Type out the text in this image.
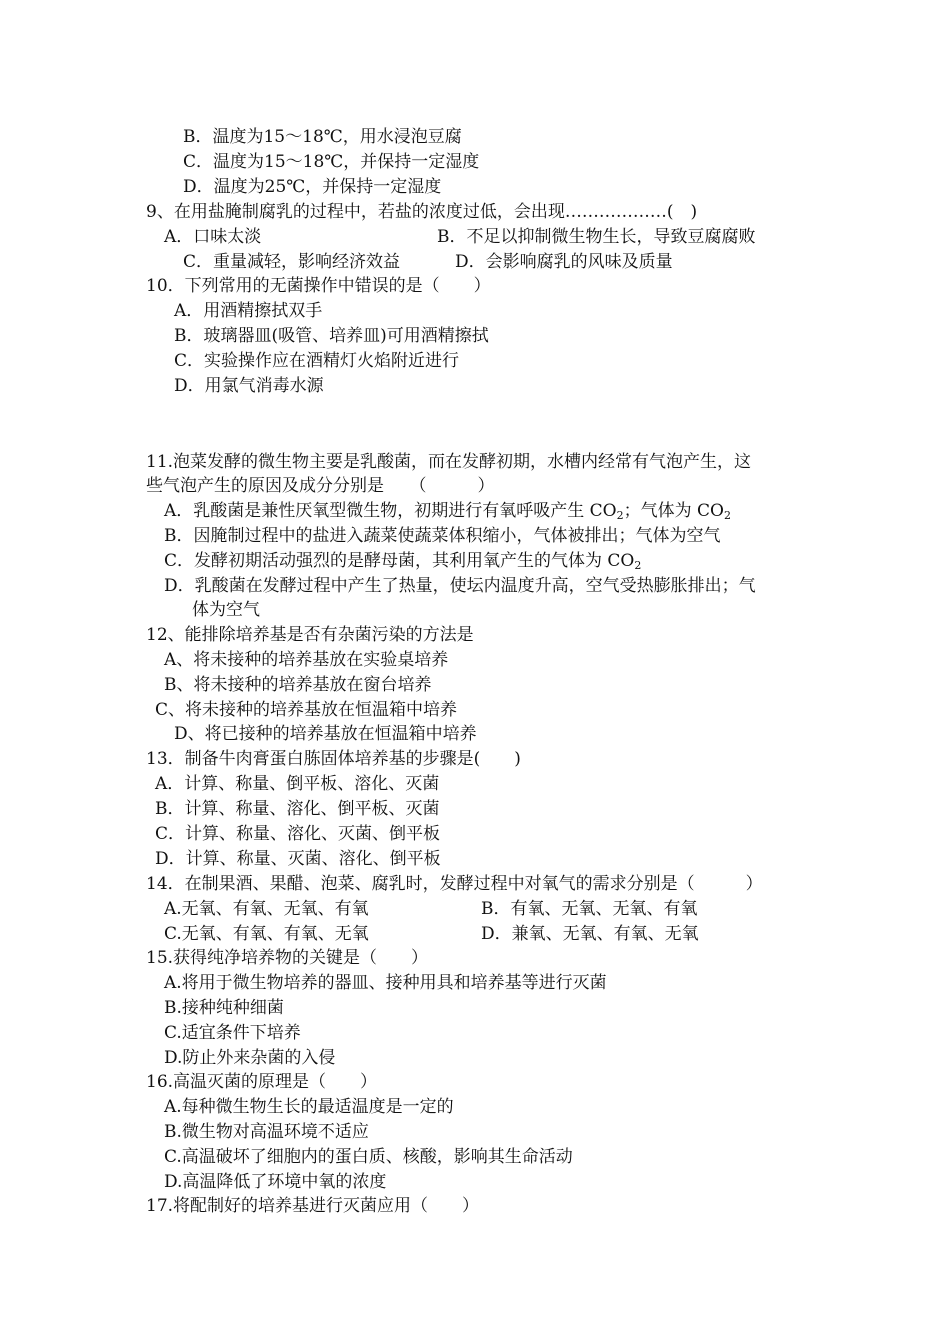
B．温度为15～18℃，用水浸泡豆腐
C．温度为15～18℃，并保持一定湿度
D．温度为25℃，并保持一定湿度
9、在用盐腌制腐乳的过程中，若盐的浓度过低，会出现………………(　)
A．口味太淡	B．不足以抑制微生物生长，导致豆腐腐败
C．重量减轻，影响经济效益	D．会影响腐乳的风味及质量
10．下列常用的无菌操作中错误的是（　　）
A．用酒精擦拭双手
B．玻璃器皿(吸管、培养皿)可用酒精擦拭
C．实验操作应在酒精灯火焰附近进行
D．用氯气消毒水源
11.泡菜发酵的微生物主要是乳酸菌，而在发酵初期，水槽内经常有气泡产生，这
些气泡产生的原因及成分分别是　　（　　　）
A．乳酸菌是兼性厌氧型微生物，初期进行有氧呼吸产生 $CO_2$；气体为 $CO_2$
B．因腌制过程中的盐进入蔬菜使蔬菜体积缩小，气体被排出；气体为空气
C．发酵初期活动强烈的是酵母菌，其利用氧产生的气体为 $CO_2$
D．乳酸菌在发酵过程中产生了热量，使坛内温度升高，空气受热膨胀排出；气
体为空气
12、能排除培养基是否有杂菌污染的方法是
A、将未接种的培养基放在实验桌培养
B、将未接种的培养基放在窗台培养
C、将未接种的培养基放在恒温箱中培养
D、将已接种的培养基放在恒温箱中培养
13．制备牛肉膏蛋白胨固体培养基的步骤是(　　)
A．计算、称量、倒平板、溶化、灭菌
B．计算、称量、溶化、倒平板、灭菌
C．计算、称量、溶化、灭菌、倒平板
D．计算、称量、灭菌、溶化、倒平板
14．在制果酒、果醋、泡菜、腐乳时，发酵过程中对氧气的需求分别是（　　　）
A.无氧、有氧、无氧、有氧	B．有氧、无氧、无氧、有氧
C.无氧、有氧、有氧、无氧	D．兼氧、无氧、有氧、无氧
15.获得纯净培养物的关键是（　　）
A.将用于微生物培养的器皿、接种用具和培养基等进行灭菌
B.接种纯种细菌
C.适宜条件下培养
D.防止外来杂菌的入侵
16.高温灭菌的原理是（　　）
A.每种微生物生长的最适温度是一定的
B.微生物对高温环境不适应
C.高温破坏了细胞内的蛋白质、核酸，影响其生命活动
D.高温降低了环境中氧的浓度
17.将配制好的培养基进行灭菌应用（　　）
